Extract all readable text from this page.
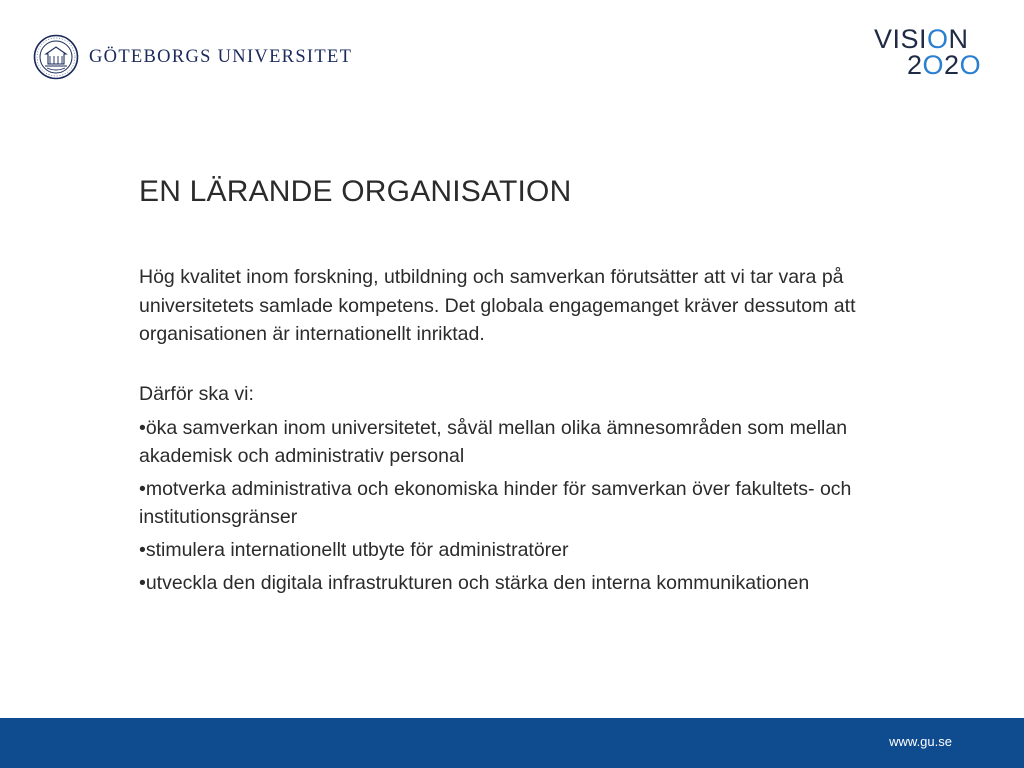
GÖTEBORGS UNIVERSITET
VISION
2O2O
EN LÄRANDE ORGANISATION

Hög kvalitet inom forskning, utbildning och samverkan förutsätter att vi tar vara på universitetets samlade kompetens. Det globala engagemanget kräver dessutom att organisationen är internationellt inriktad.

Därför ska vi:

•öka samverkan inom universitetet, såväl mellan olika ämnesområden som mellan akademisk och administrativ personal
•motverka administrativa och ekonomiska hinder för samverkan över fakultets- och institutionsgränser
•stimulera internationellt utbyte för administratörer
•utveckla den digitala infrastrukturen och stärka den interna kommunikationen
www.gu.se
